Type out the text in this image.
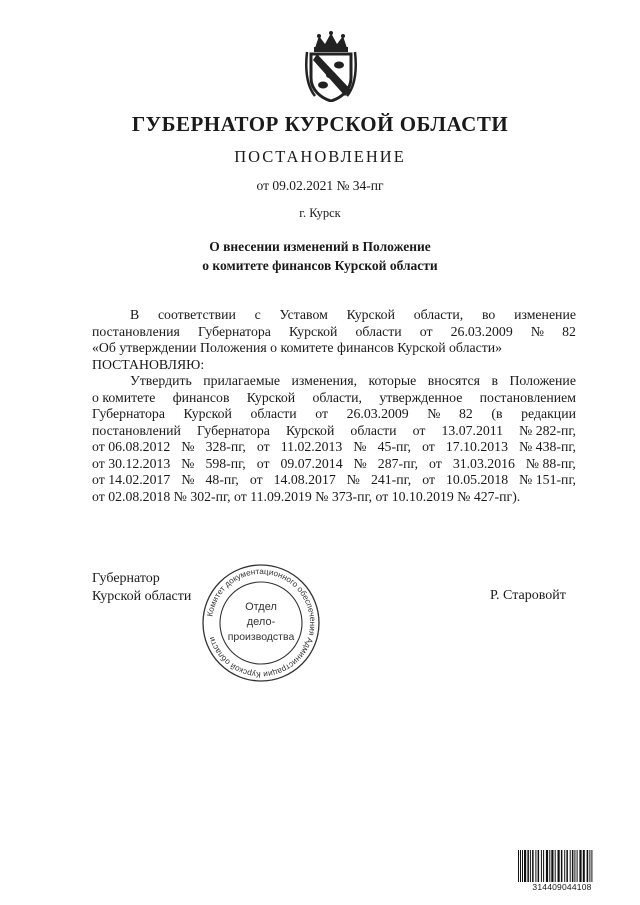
ГУБЕРНАТОР КУРСКОЙ ОБЛАСТИ
ПОСТАНОВЛЕНИЕ
от 09.02.2021 № 34-пг
г. Курск
О внесении изменений в Положение
о комитете финансов Курской области
В соответствии с Уставом Курской области, во изменение
постановления Губернатора Курской области от 26.03.2009 № 82
«Об утверждении Положения о комитете финансов Курской области»
ПОСТАНОВЛЯЮ:
Утвердить прилагаемые изменения, которые вносятся в Положение
о комитете финансов Курской области, утвержденное постановлением
Губернатора Курской области от 26.03.2009 № 82 (в редакции
постановлений Губернатора Курской области от 13.07.2011 № 282-пг,
от 06.08.2012 № 328-пг, от 11.02.2013 № 45-пг, от 17.10.2013 № 438-пг,
от 30.12.2013 № 598-пг, от 09.07.2014 № 287-пг, от 31.03.2016 № 88-пг,
от 14.02.2017 № 48-пг, от 14.08.2017 № 241-пг, от 10.05.2018 № 151-пг,
от 02.08.2018 № 302-пг, от 11.09.2019 № 373-пг, от 10.10.2019 № 427-пг).
Губернатор
Курской области	Р. Старовойт
Комитет документационного обеспечения Администрации Курской области
Отдел
дело-
производства
314409044108
